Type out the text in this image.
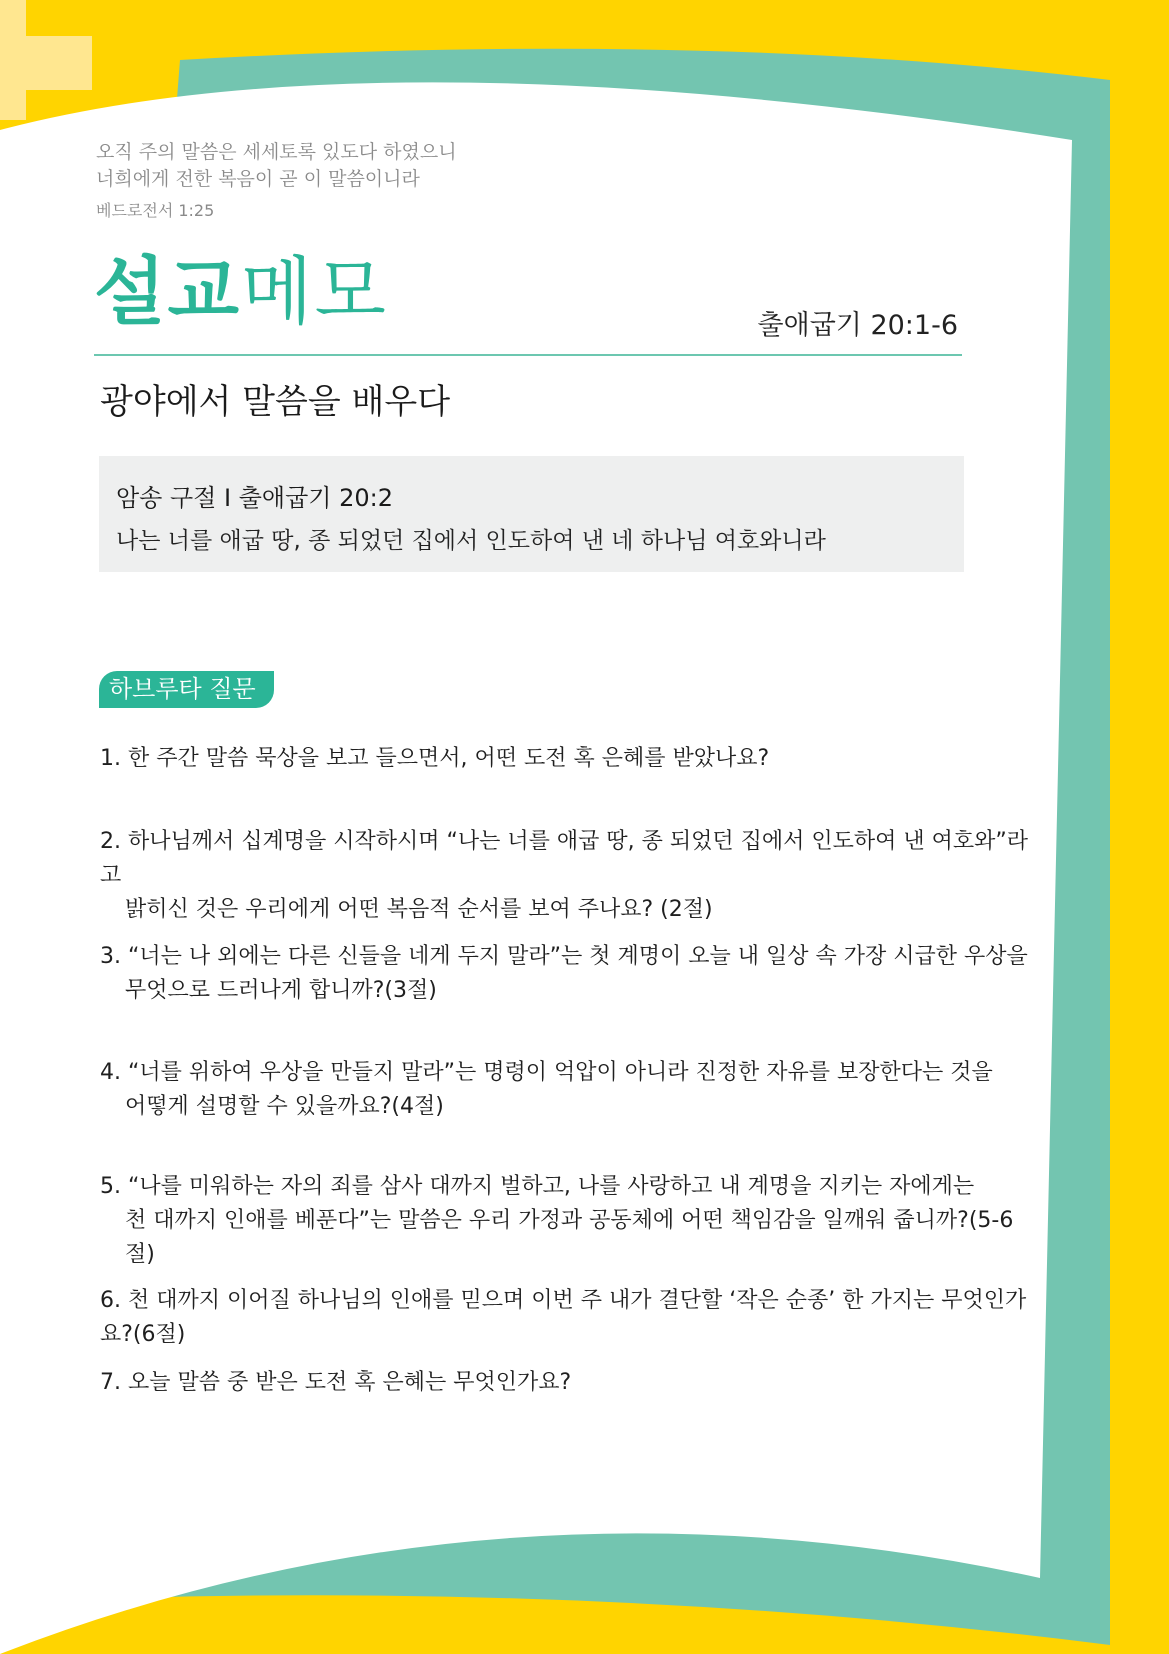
오직 주의 말씀은 세세토록 있도다 하였으니

너희에게 전한 복음이 곧 이 말씀이니라

베드로전서 1:25

설교메모	출애굽기 20:1-6
광야에서 말씀을 배우다
암송 구절 I 출애굽기 20:2
나는 너를 애굽 땅, 종 되었던 집에서 인도하여 낸 네 하나님 여호와니라
하브루타 질문
1. 한 주간 말씀 묵상을 보고 들으면서, 어떤 도전 혹 은혜를 받았나요?
2. 하나님께서 십계명을 시작하시며 “나는 너를 애굽 땅, 종 되었던 집에서 인도하여 낸 여호와”라고
밝히신 것은 우리에게 어떤 복음적 순서를 보여 주나요? (2절)
3. “너는 나 외에는 다른 신들을 네게 두지 말라”는 첫 계명이 오늘 내 일상 속 가장 시급한 우상을
무엇으로 드러나게 합니까?(3절)
4. “너를 위하여 우상을 만들지 말라”는 명령이 억압이 아니라 진정한 자유를 보장한다는 것을
어떻게 설명할 수 있을까요?(4절)
5. “나를 미워하는 자의 죄를 삼사 대까지 벌하고, 나를 사랑하고 내 계명을 지키는 자에게는
천 대까지 인애를 베푼다”는 말씀은 우리 가정과 공동체에 어떤 책임감을 일깨워 줍니까?(5-6절)
6. 천 대까지 이어질 하나님의 인애를 믿으며 이번 주 내가 결단할 ‘작은 순종’ 한 가지는 무엇인가요?(6절)
7. 오늘 말씀 중 받은 도전 혹 은혜는 무엇인가요?
